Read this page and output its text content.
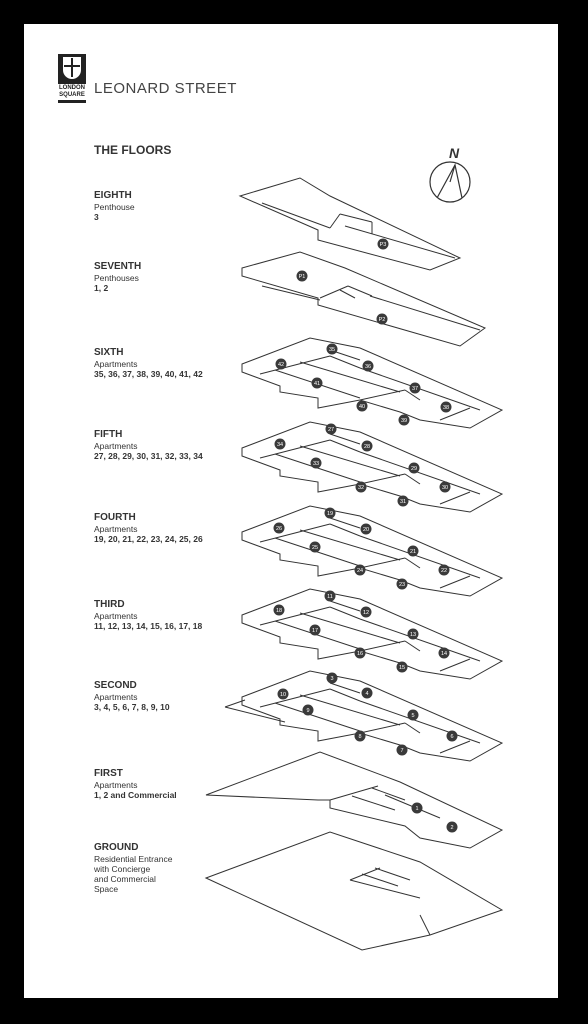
LONDON
SQUARE LEONARD STREET
THE FLOORS
EIGHTH
Penthouse
3
SEVENTH
Penthouses
1, 2
SIXTH
Apartments
35, 36, 37, 38, 39, 40, 41, 42
FIFTH
Apartments
27, 28, 29, 30, 31, 32, 33, 34
FOURTH
Apartments
19, 20, 21, 22, 23, 24, 25, 26
THIRD
Apartments
11, 12, 13, 14, 15, 16, 17, 18
SECOND
Apartments
3, 4, 5, 6, 7, 8, 9, 10
FIRST
Apartments
1, 2 and Commercial
GROUND
Residential Entrance
with Concierge
and Commercial
Space
N
P3
P1
P2
35
36
37
38
39
40
41
42
27
28
29
30
31
32
33
34
19
20
21
22
23
24
25
26
11
12
13
14
15
16
17
18
3
4
5
6
7
8
9
10
1
2
